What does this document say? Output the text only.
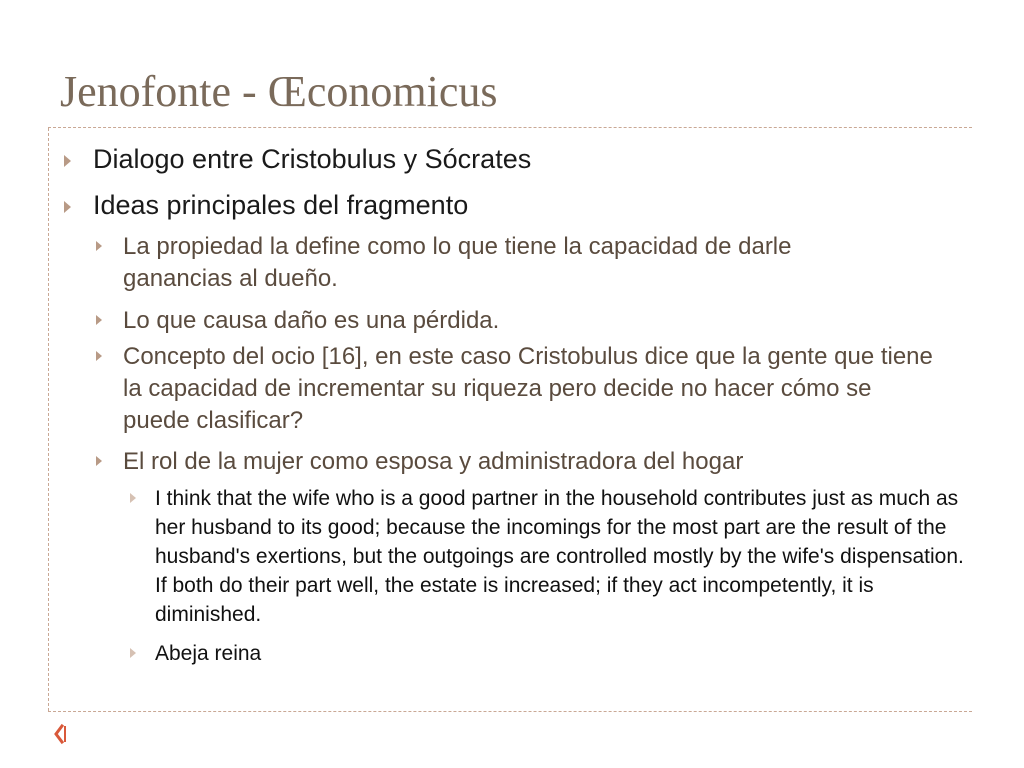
Jenofonte - Œconomicus
Dialogo entre Cristobulus y Sócrates
Ideas principales del fragmento
La propiedad la define como lo que tiene la capacidad de darle ganancias al dueño.
Lo que causa daño es una pérdida.
Concepto del ocio [16], en este caso Cristobulus dice que la gente que tiene la capacidad de incrementar su riqueza pero decide no hacer cómo se puede clasificar?
El rol de la mujer como esposa y administradora del hogar
I think that the wife who is a good partner in the household contributes just as much as her husband to its good; because the incomings for the most part are the result of the husband's exertions, but the outgoings are controlled mostly by the wife's dispensation. If both do their part well, the estate is increased; if they act incompetently, it is diminished.
Abeja reina
